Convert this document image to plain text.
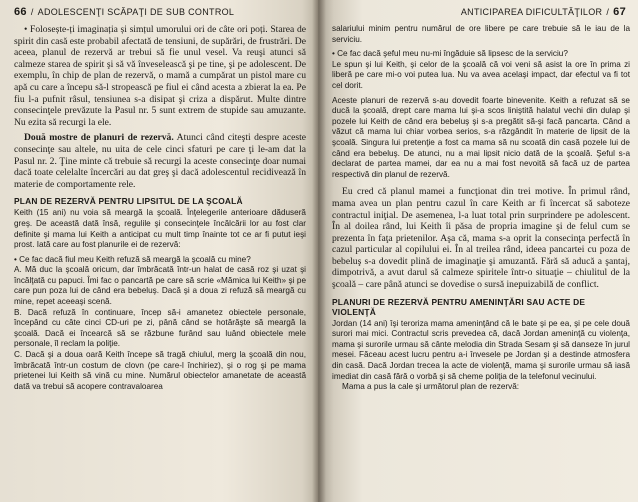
66 / ADOLESCENŢI SCĂPAŢI DE SUB CONTROL

• Folosește-ți imaginația și simțul umorului ori de câte ori poți. Starea de spirit din casă este probabil afectată de tensiuni, de supărări, de frustrări. De aceea, planul de rezervă ar trebui să fie unul vesel. Va reuşi atunci să calmeze starea de spirit şi să vă înveselească şi pe tine, şi pe adolescent. De exemplu, în chip de plan de rezervă, o mamă a cumpărat un pistol mare cu apă cu care a începu să-l stropească pe fiul ei când acesta a zbierat la ea. Pe fiu l-a pufnit râsul, tensiunea s-a disipat şi criza a dispărut. Multe dintre consecinţele prevăzute la Pasul nr. 5 sunt extrem de stupide sau amuzante. Nu ezita să recurgi la ele.

Două mostre de planuri de rezervă. Atunci când citeşti despre aceste consecinţe sau altele, nu uita de cele cinci sfaturi pe care ţi le-am dat la Pasul nr. 2. Ţine minte că trebuie să recurgi la aceste consecinţe doar numai dacă toate celelalte încercări au dat greş şi dacă adolescentul recidivează în materie de comportamente rele.

PLAN DE REZERVĂ PENTRU LIPSITUL DE LA ŞCOALĂ

Keith (15 ani) nu voia să meargă la şcoală. Înţelegerile anterioare dăduseră greş. De această dată însă, regulile şi consecinţele încălcării lor au fost clar definite şi mama lui Keith a anticipat cu mult timp înainte tot ce ar fi putut ieşi prost. Iată care au fost planurile ei de rezervă:

• Ce fac dacă fiul meu Keith refuză să meargă la şcoală cu mine?

A. Mă duc la şcoală oricum, dar îmbrăcată într-un halat de casă roz şi uzat şi încălţată cu papuci. Îmi fac o pancartă pe care să scrie «Mămica lui Keith» şi pe care pun poza lui de când era bebeluş. Dacă şi a doua zi refuză să meargă cu mine, repet aceeaşi scenă.

B. Dacă refuză în continuare, încep să-i amanetez obiectele personale, începând cu câte cinci CD-uri pe zi, până când se hotărăşte să meargă la şcoală. Dacă ei încearcă să se răzbune furând sau luând obiectele mele personale, îl reclam la poliţie.

C. Dacă şi a doua oară Keith începe să tragă chiulul, merg la şcoală din nou, îmbrăcată într-un costum de clovn (pe care-l închiriez), şi o rog şi pe mama prietenei lui Keith să vină cu mine. Numărul obiectelor amanetate de această dată va trebui să acopere contravaloarea

ANTICIPAREA DIFICULTĂŢILOR / 67

salariului minim pentru numărul de ore libere pe care trebuie să le iau de la serviciu.

• Ce fac dacă şeful meu nu-mi îngăduie să lipsesc de la serviciu?

Le spun şi lui Keith, şi celor de la şcoală că voi veni să asist la ore în prima zi liberă pe care mi-o voi putea lua. Nu va avea acelaşi impact, dar efectul va fi tot cel dorit.

Aceste planuri de rezervă s-au dovedit foarte binevenite. Keith a refuzat să se ducă la şcoală, drept care mama lui şi-a scos liniştită halatul vechi din dulap şi pozele lui Keith de când era bebeluş şi s-a pregătit să-şi facă pancarta. Când a văzut că mama lui chiar vorbea serios, s-a răzgândit în materie de lipsit de la şcoală. Singura lui pretenţie a fost ca mama să nu scoată din casă pozele lui de când era bebeluş. De atunci, nu a mai lipsit nicio dată de la şcoală. Şeful s-a declarat de partea mamei, dar ea nu a mai fost nevoită să facă uz de partea respectivă din planul de rezervă.

Eu cred că planul mamei a funcţionat din trei motive. În primul rând, mama avea un plan pentru cazul în care Keith ar fi încercat să saboteze contractul iniţial. De asemenea, l-a luat total prin surprindere pe adolescent. În al doilea rând, lui Keith îi păsa de propria imagine şi de felul cum se prezenta în faţa prietenilor. Aşa că, mama s-a oprit la consecinţa perfectă în cazul particular al copilului ei. În al treilea rând, ideea pancartei cu poza de bebeluş s-a dovedit plină de imaginaţie şi amuzantă. Fără să aducă a şantaj, dimpotrivă, a avut darul să calmeze spiritele într-o situaţie – chiulitul de la şcoală – care până atunci se dovedise o sursă inepuizabilă de conflict.

PLANURI DE REZERVĂ PENTRU AMENINŢĂRI SAU ACTE DE VIOLENŢĂ

Jordan (14 ani) îşi teroriza mama ameninţând că le bate şi pe ea, şi pe cele două surori mai mici. Contractul scris prevedea că, dacă Jordan ameninţă cu violenţa, mama şi surorile urmau să cânte melodia din Strada Sesam şi să danseze în jurul mesei. Făceau acest lucru pentru a-i învesele pe Jordan şi a destinde atmosfera din casă. Dacă Jordan trecea la acte de violenţă, mama şi surorile urmau să iasă imediat din casă fără o vorbă şi să cheme poliţia de la telefonul vecinului.

Mama a pus la cale şi următorul plan de rezervă:
